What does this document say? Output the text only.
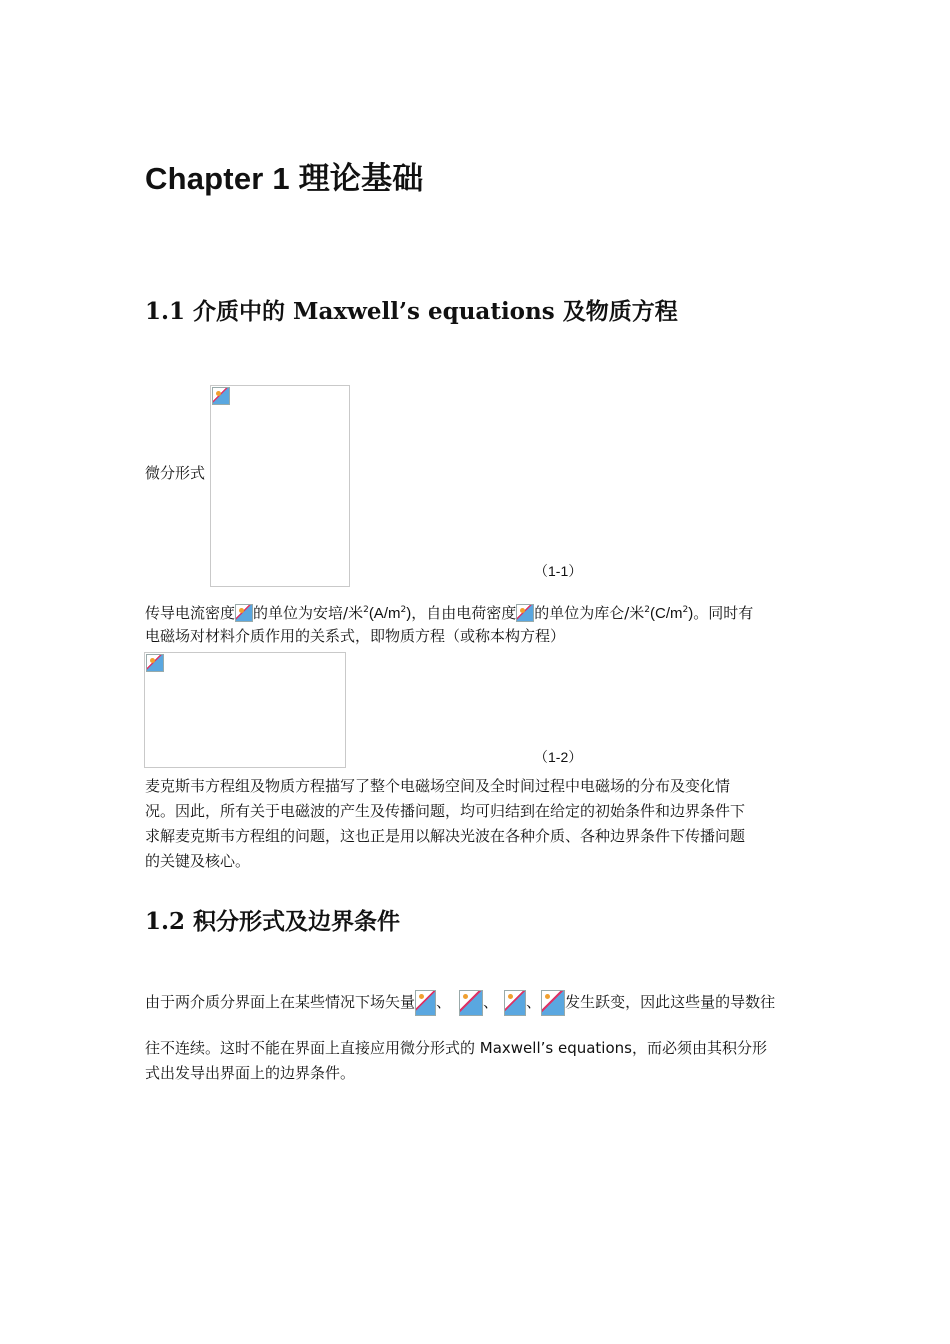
Chapter 1 理论基础
1.1 介质中的 Maxwell’s equations 及物质方程
微分形式
（1-1）
传导电流密度 的单位为安培/米$^2(A/m^2)$，自由电荷密度 的单位为库仑/米$^2(C/m^2)$。同时有
电磁场对材料介质作用的关系式，即物质方程（或称本构方程）
（1-2）
麦克斯韦方程组及物质方程描写了整个电磁场空间及全时间过程中电磁场的分布及变化情
况。因此，所有关于电磁波的产生及传播问题，均可归结到在给定的初始条件和边界条件下
求解麦克斯韦方程组的问题，这也正是用以解决光波在各种介质、各种边界条件下传播问题
的关键及核心。
1.2 积分形式及边界条件
由于两介质分界面上在某些情况下场矢量 、 、 、 发生跃变，因此这些量的导数往
往不连续。这时不能在界面上直接应用微分形式的 Maxwell’s equations，而必须由其积分形
式出发导出界面上的边界条件。
